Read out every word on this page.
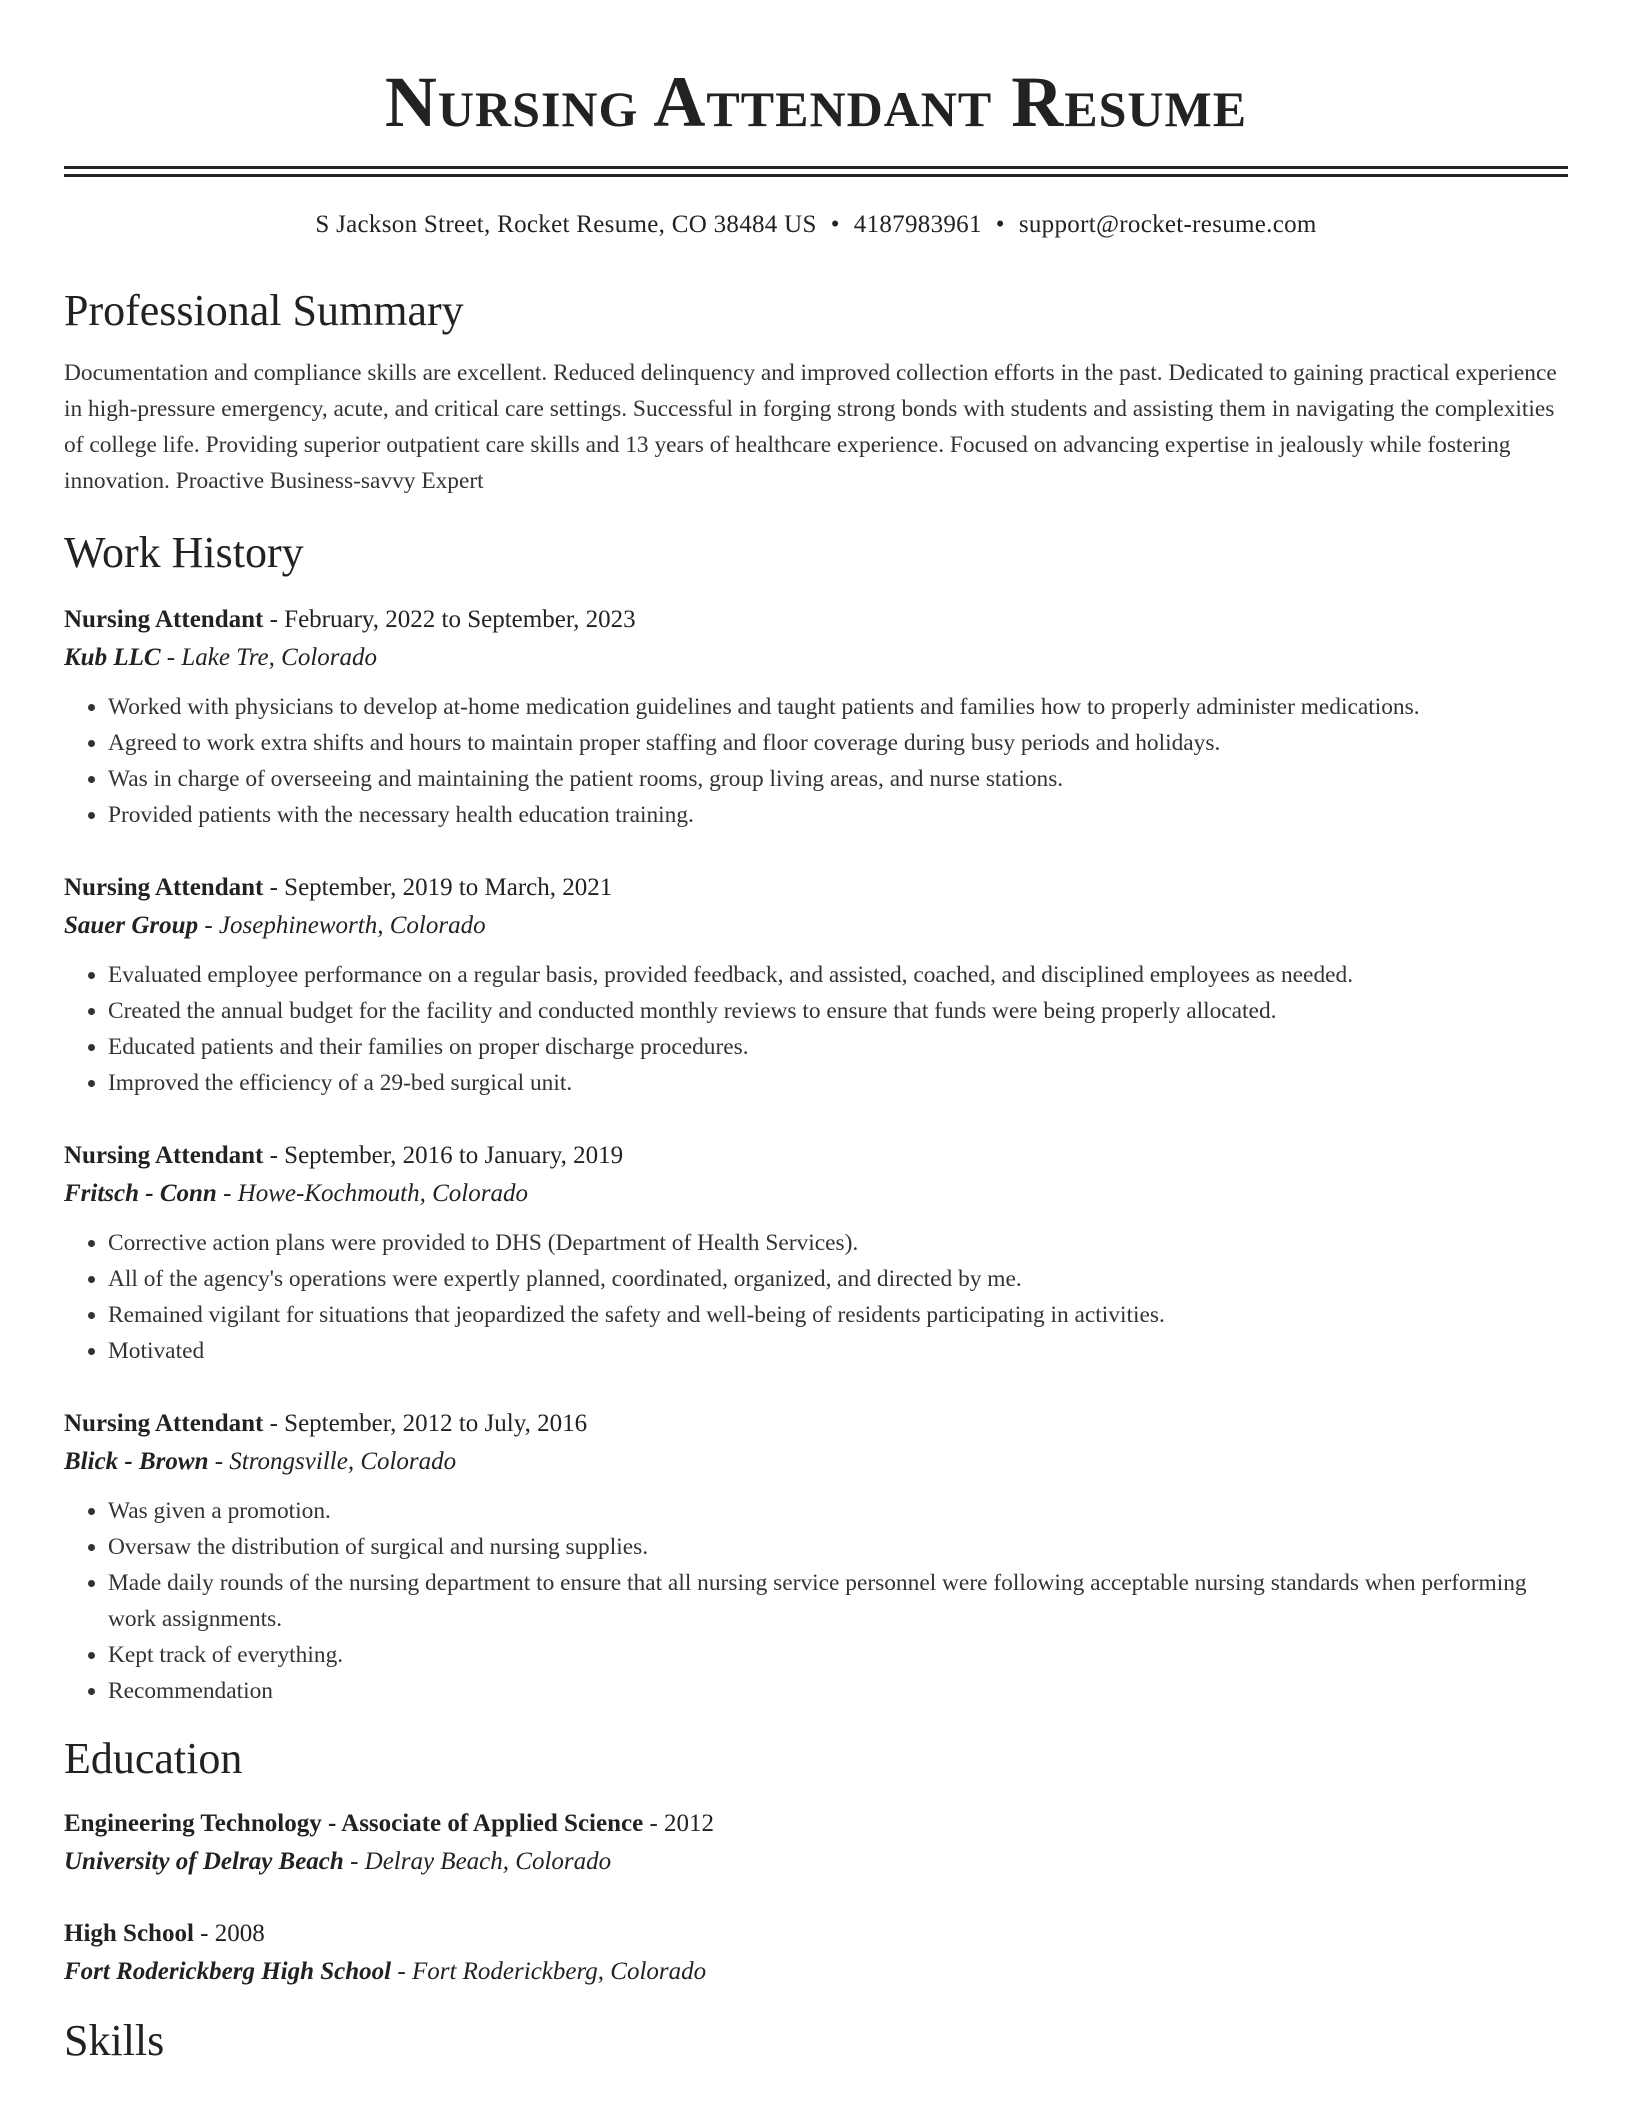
Nursing Attendant Resume
S Jackson Street, Rocket Resume, CO 38484 US • 4187983961 • support@rocket-resume.com
Professional Summary
Documentation and compliance skills are excellent. Reduced delinquency and improved collection efforts in the past. Dedicated to gaining practical experience in high-pressure emergency, acute, and critical care settings. Successful in forging strong bonds with students and assisting them in navigating the complexities of college life. Providing superior outpatient care skills and 13 years of healthcare experience. Focused on advancing expertise in jealously while fostering innovation. Proactive Business-savvy Expert
Work History
Nursing Attendant - February, 2022 to September, 2023
Kub LLC - Lake Tre, Colorado
• Worked with physicians to develop at-home medication guidelines and taught patients and families how to properly administer medications.
• Agreed to work extra shifts and hours to maintain proper staffing and floor coverage during busy periods and holidays.
• Was in charge of overseeing and maintaining the patient rooms, group living areas, and nurse stations.
• Provided patients with the necessary health education training.
Nursing Attendant - September, 2019 to March, 2021
Sauer Group - Josephineworth, Colorado
• Evaluated employee performance on a regular basis, provided feedback, and assisted, coached, and disciplined employees as needed.
• Created the annual budget for the facility and conducted monthly reviews to ensure that funds were being properly allocated.
• Educated patients and their families on proper discharge procedures.
• Improved the efficiency of a 29-bed surgical unit.
Nursing Attendant - September, 2016 to January, 2019
Fritsch - Conn - Howe-Kochmouth, Colorado
• Corrective action plans were provided to DHS (Department of Health Services).
• All of the agency's operations were expertly planned, coordinated, organized, and directed by me.
• Remained vigilant for situations that jeopardized the safety and well-being of residents participating in activities.
• Motivated
Nursing Attendant - September, 2012 to July, 2016
Blick - Brown - Strongsville, Colorado
• Was given a promotion.
• Oversaw the distribution of surgical and nursing supplies.
• Made daily rounds of the nursing department to ensure that all nursing service personnel were following acceptable nursing standards when performing work assignments.
• Kept track of everything.
• Recommendation
Education
Engineering Technology - Associate of Applied Science - 2012
University of Delray Beach - Delray Beach, Colorado
High School - 2008
Fort Roderickberg High School - Fort Roderickberg, Colorado
Skills
